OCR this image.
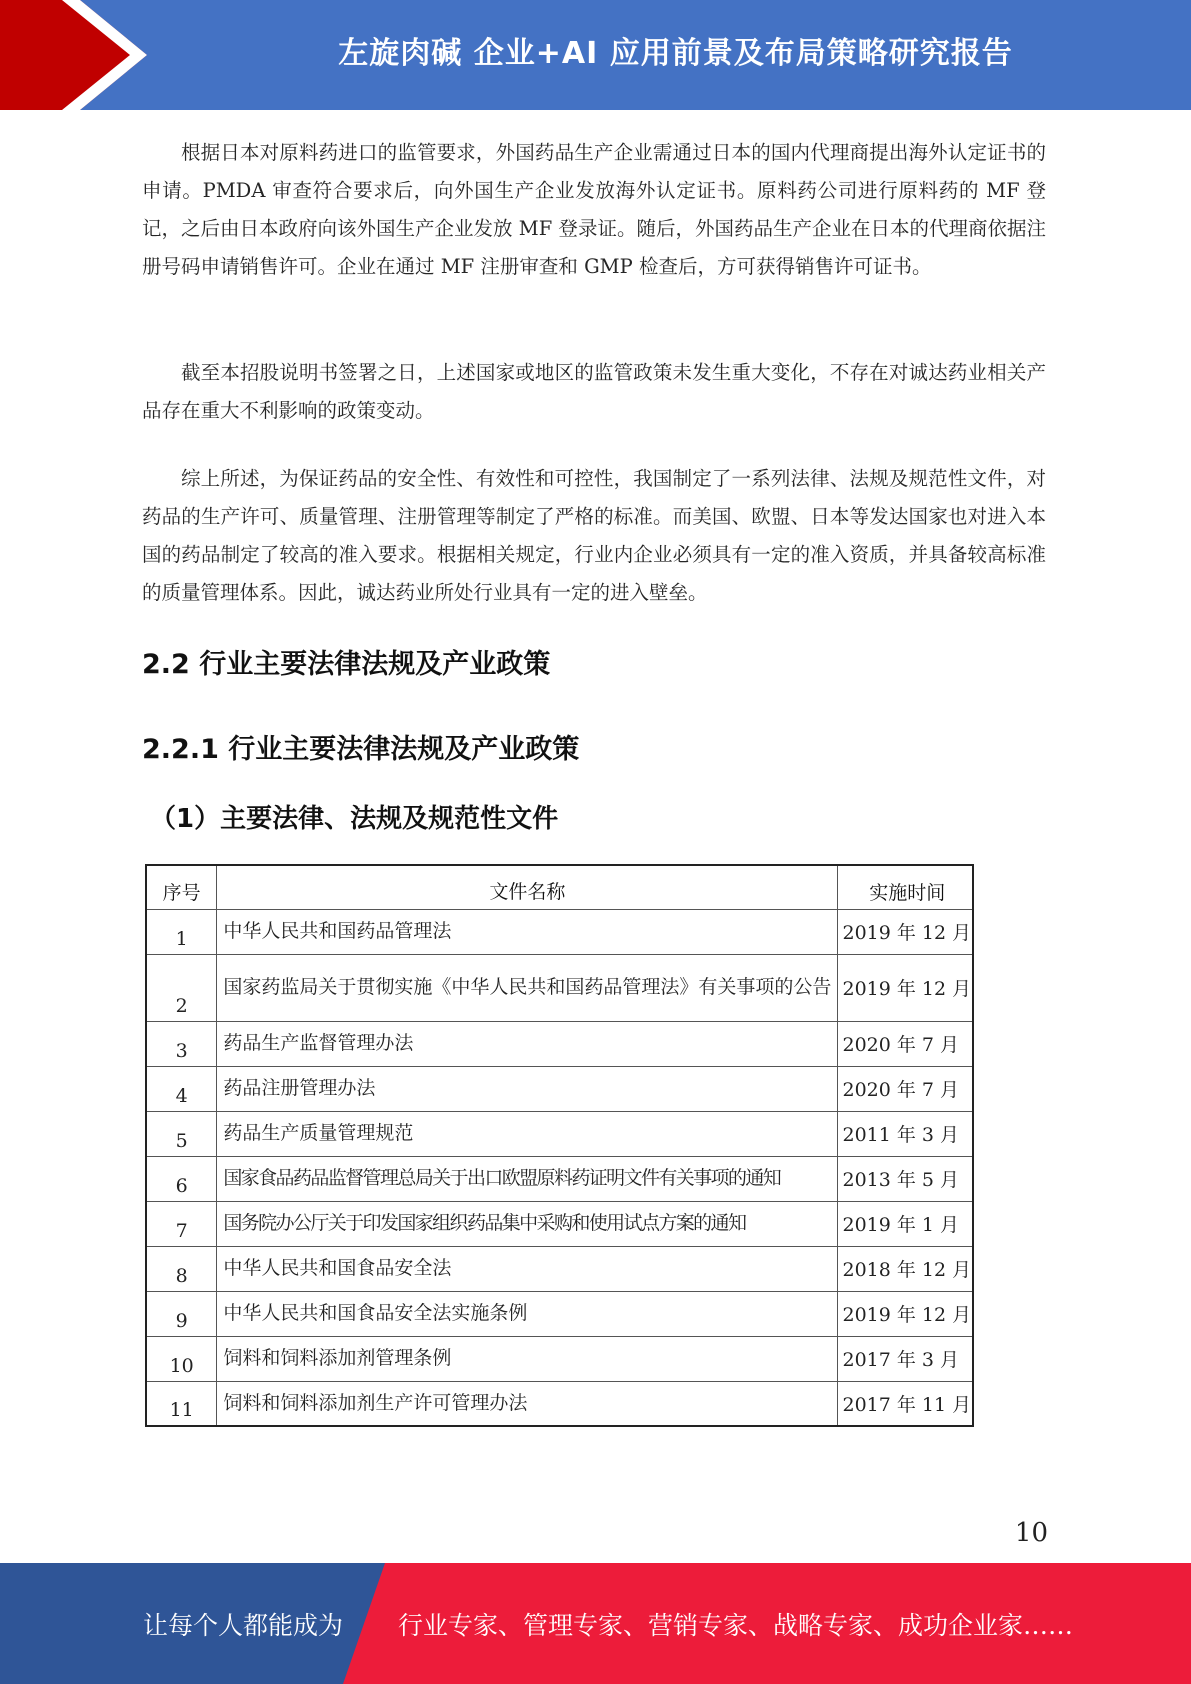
左旋肉碱 企业+AI 应用前景及布局策略研究报告

根据日本对原料药进口的监管要求，外国药品生产企业需通过日本的国内代理商提出海外认定证书的申请。PMDA 审查符合要求后，向外国生产企业发放海外认定证书。原料药公司进行原料药的 MF 登记，之后由日本政府向该外国生产企业发放 MF 登录证。随后，外国药品生产企业在日本的代理商依据注册号码申请销售许可。企业在通过 MF 注册审查和 GMP 检查后，方可获得销售许可证书。

截至本招股说明书签署之日，上述国家或地区的监管政策未发生重大变化，不存在对诚达药业相关产品存在重大不利影响的政策变动。

综上所述，为保证药品的安全性、有效性和可控性，我国制定了一系列法律、法规及规范性文件，对药品的生产许可、质量管理、注册管理等制定了严格的标准。而美国、欧盟、日本等发达国家也对进入本国的药品制定了较高的准入要求。根据相关规定，行业内企业必须具有一定的准入资质，并具备较高标准的质量管理体系。因此，诚达药业所处行业具有一定的进入壁垒。

2.2 行业主要法律法规及产业政策
2.2.1 行业主要法律法规及产业政策
（1）主要法律、法规及规范性文件
序号	文件名称	实施时间
1	中华人民共和国药品管理法	2019 年 12 月
2	国家药监局关于贯彻实施《中华人民共和国药品管理法》有关事项的公告	2019 年 12 月
3	药品生产监督管理办法	2020 年 7 月
4	药品注册管理办法	2020 年 7 月
5	药品生产质量管理规范	2011 年 3 月
6	国家食品药品监督管理总局关于出口欧盟原料药证明文件有关事项的通知	2013 年 5 月
7	国务院办公厅关于印发国家组织药品集中采购和使用试点方案的通知	2019 年 1 月
8	中华人民共和国食品安全法	2018 年 12 月
9	中华人民共和国食品安全法实施条例	2019 年 12 月
10	饲料和饲料添加剂管理条例	2017 年 3 月
11	饲料和饲料添加剂生产许可管理办法	2017 年 11 月
10
让每个人都能成为 行业专家、管理专家、营销专家、战略专家、成功企业家……
